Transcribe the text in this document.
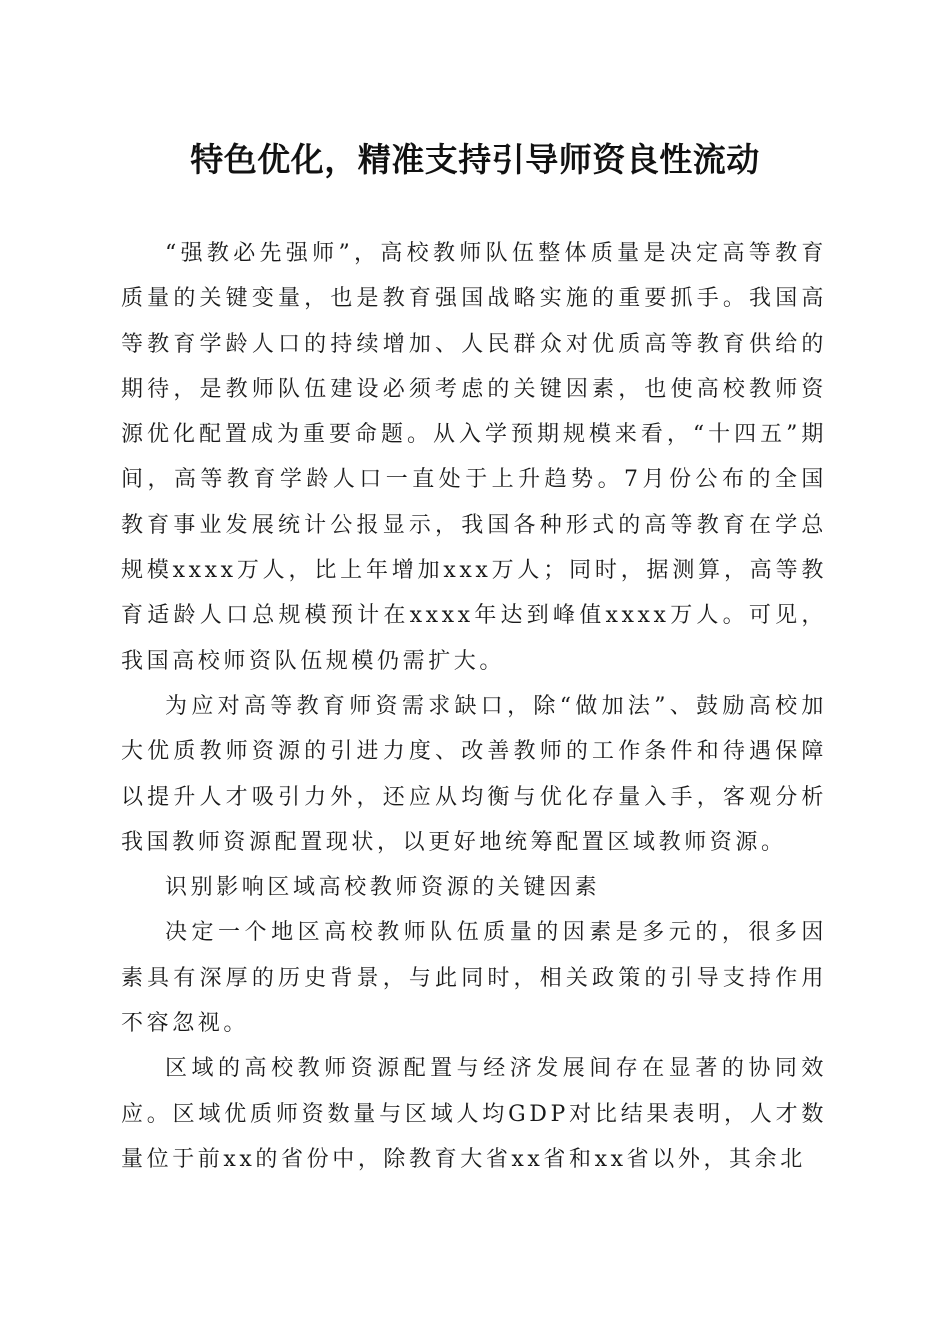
特色优化，精准支持引导师资良性流动

“强教必先强师”，高校教师队伍整体质量是决定高等教育质量的关键变量，也是教育强国战略实施的重要抓手。我国高等教育学龄人口的持续增加、人民群众对优质高等教育供给的期待，是教师队伍建设必须考虑的关键因素，也使高校教师资源优化配置成为重要命题。从入学预期规模来看，“十四五”期间，高等教育学龄人口一直处于上升趋势。7月份公布的全国教育事业发展统计公报显示，我国各种形式的高等教育在学总规模xxxx万人，比上年增加xxx万人；同时，据测算，高等教育适龄人口总规模预计在xxxx年达到峰值xxxx万人。可见，我国高校师资队伍规模仍需扩大。

为应对高等教育师资需求缺口，除“做加法”、鼓励高校加大优质教师资源的引进力度、改善教师的工作条件和待遇保障以提升人才吸引力外，还应从均衡与优化存量入手，客观分析我国教师资源配置现状，以更好地统筹配置区域教师资源。

识别影响区域高校教师资源的关键因素

决定一个地区高校教师队伍质量的因素是多元的，很多因素具有深厚的历史背景，与此同时，相关政策的引导支持作用不容忽视。

区域的高校教师资源配置与经济发展间存在显著的协同效应。区域优质师资数量与区域人均GDP对比结果表明，人才数量位于前xx的省份中，除教育大省xx省和xx省以外，其余北
